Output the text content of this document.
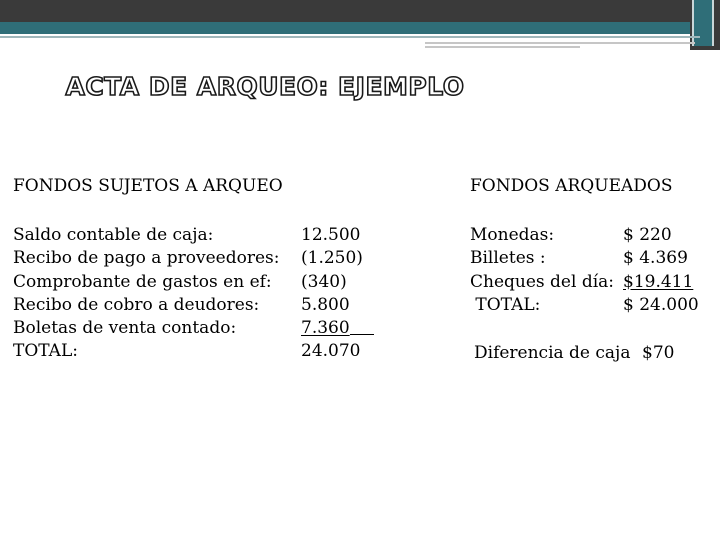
ACTA DE ARQUEO: EJEMPLO
FONDOS SUJETOS A ARQUEO
Saldo contable de caja:
Recibo de pago a proveedores:
Comprobante de gastos en ef:
Recibo de cobro a deudores:
Boletas de venta contado:
TOTAL:
12.500
(1.250)
(340)
5.800
7.360
24.070
FONDOS ARQUEADOS
Monedas:
Billetes :
Cheques del día:
TOTAL:
$ 220
$ 4.369
$19.411
$ 24.000
Diferencia de caja $70
